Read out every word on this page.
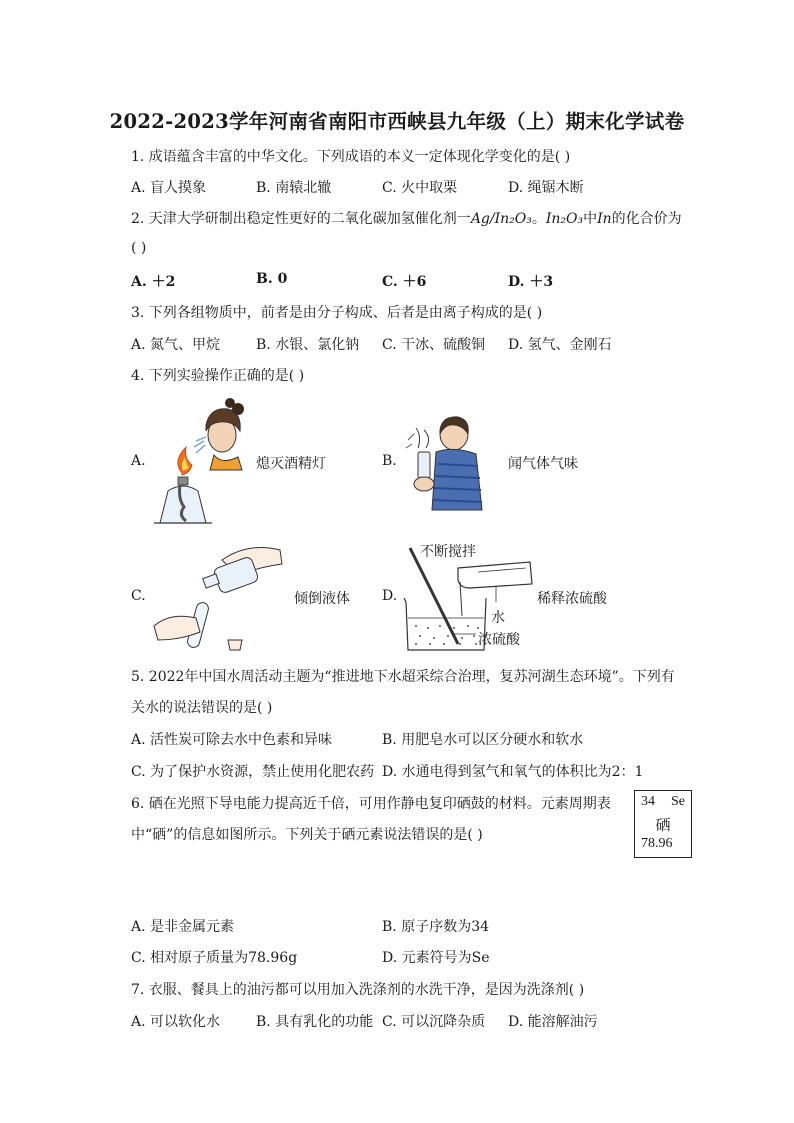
2022-2023学年河南省南阳市西峡县九年级（上）期末化学试卷
1. 成语蕴含丰富的中华文化。下列成语的本义一定体现化学变化的是( )
A. 盲人摸象	B. 南辕北辙	C. 火中取栗	D. 绳锯木断
2. 天津大学研制出稳定性更好的二氧化碳加氢催化剂一Ag/In₂O₃。In₂O₃中In的化合价为
( )
A. ＋2	B. 0	C. ＋6	D. ＋3
3. 下列各组物质中，前者是由分子构成、后者是由离子构成的是( )
A. 氮气、甲烷	B. 水银、氯化钠 C. 干冰、硫酸铜 D. 氢气、金刚石
4. 下列实验操作正确的是( )
A.	熄灭酒精灯	B.	闻气体气味
C.	倾倒液体 D.
不断搅拌
水
浓硫酸
稀释浓硫酸
5. 2022年中国水周活动主题为“推进地下水超采综合治理，复苏河湖生态环境”。下列有
关水的说法错误的是( )
A. 活性炭可除去水中色素和异味	B. 用肥皂水可以区分硬水和软水
C. 为了保护水资源，禁止使用化肥农药 D. 水通电得到氢气和氧气的体积比为2：1
6. 硒在光照下导电能力提高近千倍，可用作静电复印硒鼓的材料。元素周期表
中“硒”的信息如图所示。下列关于硒元素说法错误的是( )
34 Se
硒
78.96
A. 是非金属元素	B. 原子序数为34
C. 相对原子质量为78.96g	D. 元素符号为Se
7. 衣服、餐具上的油污都可以用加入洗涤剂的水洗干净，是因为洗涤剂( )
A. 可以软化水	B. 具有乳化的功能 C. 可以沉降杂质 D. 能溶解油污
